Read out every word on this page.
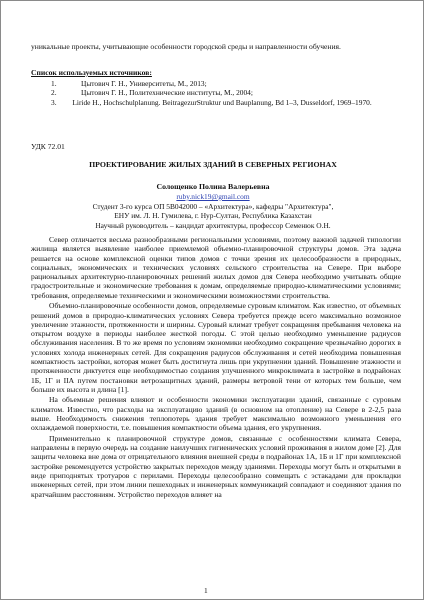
уникальные проекты, учитывающие особенности городской среды и направленности обучения.

Список используемых источников:
1.	Цытович Г. Н., Университеты, М., 2013;
2.	Цытович Г. Н., Политехнические институты, М., 2004;
3. Liride H., Hochschulplanung. BeitrаgezurStruktur und Bauplanung, Bd 1–3, Dusseldorf, 1969–1970.
УДК 72.01
ПРОЕКТИРОВАНИЕ ЖИЛЫХ ЗДАНИЙ В СЕВЕРНЫХ РЕГИОНАХ
Солощенко Полина Валерьевна
ruby.nick19@gmail.com
Студент 3-го курса ОП 5В042000 – «Архитектура», кафедры "Архитектура",
ЕНУ им. Л. Н. Гумилева, г. Нур-Султан, Республика Казахстан
Научный руководитель – кандидат архитектуры, профессор Семенюк О.Н.

Север отличается весьма разнообразными региональными условиями, поэтому важной задачей типологии жилища является выявление наиболее приемлемой объемно-планировочной структуры домов. Эта задача решается на основе комплексной оценки типов домов с точки зрения их целесообразности в природных, социальных, экономических и технических условиях сельского строительства на Севере. При выборе рациональных архитектурно-планировочных решений жилых домов для Севера необходимо учитывать общие градостроительные и экономические требования к домам, определяемые природно-климатическими условиями; требования, определяемые техническими и экономическими возможностями строительства.

Объемно-планировочные особенности домов, определяемые суровым климатом. Как известно, от объемных решений домов в природно-климатических условиях Севера требуется прежде всего максимально возможное увеличение этажности, протяженности и ширины. Суровый климат требует сокращения пребывания человека на открытом воздухе в периоды наиболее жесткой погоды. С этой целью необходимо уменьшение радиусов обслуживания населения. В то же время по условиям экономики необходимо сокращение чрезвычайно дорогих в условиях холода инженерных сетей. Для сокращения радиусов обслуживания и сетей необходима повышенная компактность застройки, которая может быть достигнута лишь при укрупнении зданий. Повышение этажности и протяженности диктуется еще необходимостью создания улучшенного микроклимата в застройке в подрайонах 1Б, 1Г и IIА путем постановки ветрозащитных зданий, размеры ветровой тени от которых тем больше, чем больше их высота и длина [1].

На объемные решения влияют и особенности экономики эксплуатации зданий, связанные с суровым климатом. Известно, что расходы на эксплуатацию зданий (в основном на отопление) на Севере в 2-2,5 раза выше. Необходимость снижения теплопотерь здания требует максимально возможного уменьшения его охлаждаемой поверхности, т.е. повышения компактности объема здания, его укрупнения.

Применительно к планировочной структуре домов, связанные с особенностями климата Севера, направлены в первую очередь на создание наилучших гигиенических условий проживания в жилом доме [2]. Для защиты человека вне дома от отрицательного влияния внешней среды в подрайонах 1А, 1Б и 1Г при комплексной застройке рекомендуется устройство закрытых переходов между зданиями. Переходы могут быть и открытыми в виде приподнятых тротуаров с перилами. Переходы целесообразно совмещать с эстакадами для прокладки инженерных сетей, при этом линии пешеходных и инженерных коммуникаций совпадают и соединяют здания по кратчайшим расстояниям. Устройство переходов влияет на

1
